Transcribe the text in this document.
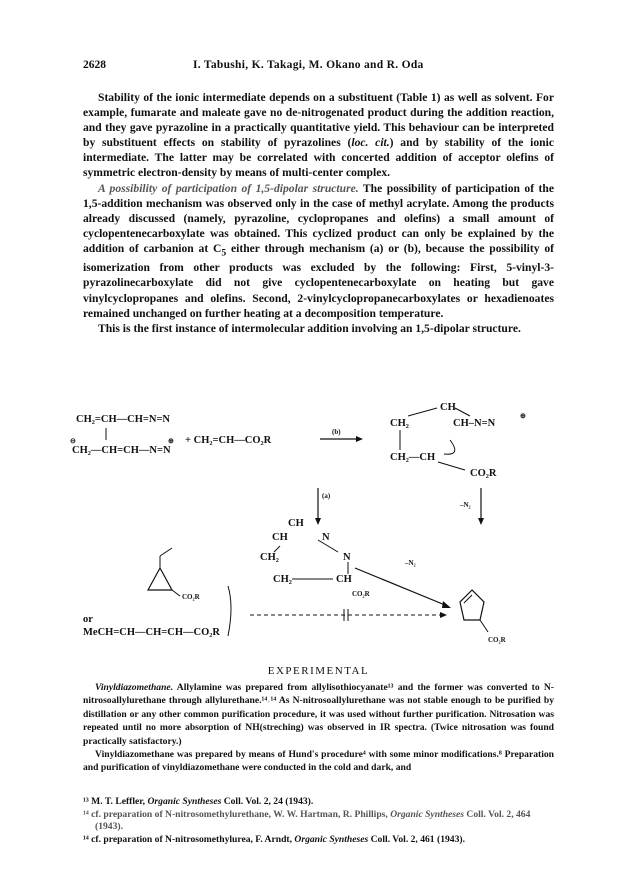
2628	I. Tabushi, K. Takagi, M. Okano and R. Oda

Stability of the ionic intermediate depends on a substituent (Table 1) as well as solvent. For example, fumarate and maleate gave no de-nitrogenated product during the addition reaction, and they gave pyrazoline in a practically quantitative yield. This behaviour can be interpreted by substituent effects on stability of pyrazolines (loc. cit.) and by stability of the ionic intermediate. The latter may be correlated with concerted addition of acceptor olefins of symmetric electron-density by means of multi-center complex.

A possibility of participation of 1,5-dipolar structure. The possibility of participation of the 1,5-addition mechanism was observed only in the case of methyl acrylate. Among the products already discussed (namely, pyrazoline, cyclopropanes and olefins) a small amount of cyclopentenecarboxylate was obtained. This cyclized product can only be explained by the addition of carbanion at $C_5$ either through mechanism (a) or (b), because the possibility of isomerization from other products was excluded by the following: First, 5-vinyl-3-pyrazolinecarboxylate did not give cyclopentenecarboxylate on heating but gave vinylcyclopropanes and olefins. Second, 2-vinylcyclopropanecarboxylates or hexadienoates remained unchanged on further heating at a decomposition temperature.

This is the first instance of intermolecular addition involving an 1,5-dipolar structure.

CH₂=CH—CH=N=N
CH₂—CH=CH—N=N
⊖	⊕ + CH₂=CH—CO₂R
(b)
CH
CH₂	CH–N=N
⊕
CH₂—CH
CO₂R
(a)
–N₂
CH
CH	N
N
CH₂
CH₂	CH
CO₂R
–N₂
CO₂R
or
MeCH=CH—CH=CH—CO₂R
CO₂R
EXPERIMENTAL

Vinyldiazomethane. Allylamine was prepared from allylisothiocyanate¹³ and the former was converted to N-nitrosoallylurethane through allylurethane.¹⁴˒¹⁴ As N-nitrosoallylurethane was not stable enough to be purified by distillation or any other common purification procedure, it was used without further purification. Nitrosation was repeated until no more absorption of NH(streching) was observed in IR spectra. (Twice nitrosation was found practically satisfactory.)

Vinyldiazomethane was prepared by means of Hund's procedure⁴ with some minor modifications.⁸ Preparation and purification of vinyldiazomethane were conducted in the cold and dark, and

¹³ M. T. Leffler, Organic Syntheses Coll. Vol. 2, 24 (1943).

¹⁴ cf. preparation of N-nitrosomethylurethane, W. W. Hartman, R. Phillips, Organic Syntheses Coll. Vol. 2, 464 (1943).

¹⁴ cf. preparation of N-nitrosomethylurea, F. Arndt, Organic Syntheses Coll. Vol. 2, 461 (1943).
